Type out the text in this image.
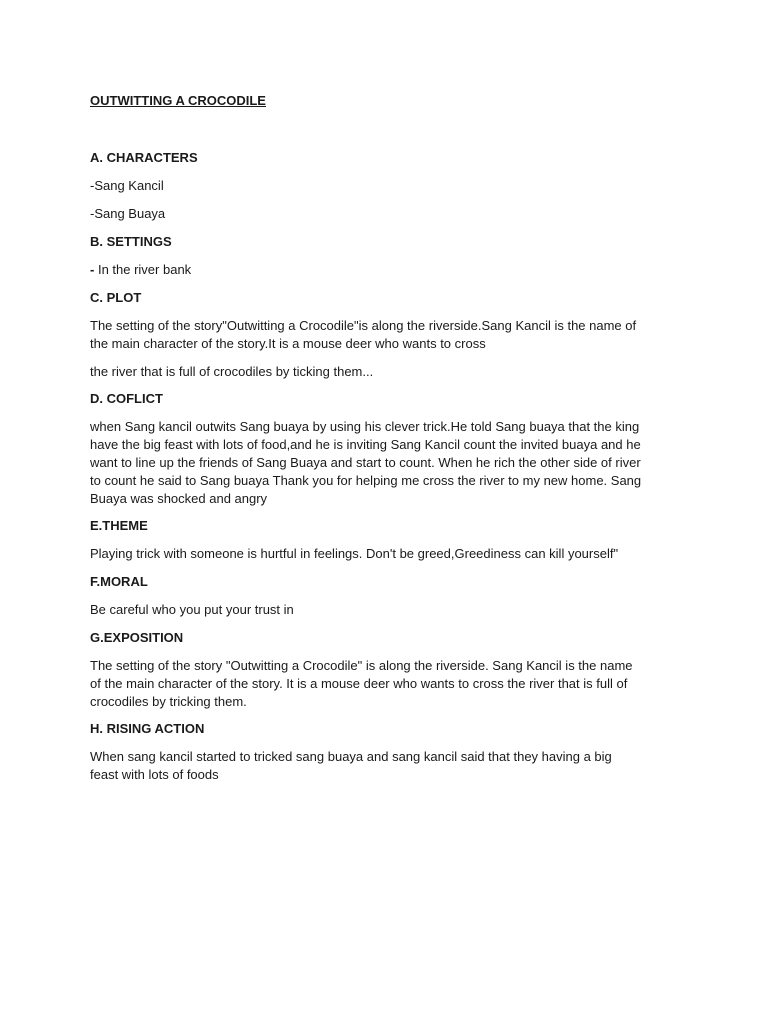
OUTWITTING A CROCODILE
A. CHARACTERS
-Sang Kancil
-Sang Buaya
B. SETTINGS
- In the river bank
C. PLOT
The setting of the story"Outwitting a Crocodile"is along the riverside.Sang Kancil is the name of
the main character of the story.It is a mouse deer who wants to cross
the river that is full of crocodiles by ticking them...
D. COFLICT
when Sang kancil outwits Sang buaya by using his clever trick.He told Sang buaya that the king
have the big feast with lots of food,and he is inviting Sang Kancil count the invited buaya and he
want to line up the friends of Sang Buaya and start to count. When he rich the other side of river
to count he said to Sang buaya Thank you for helping me cross the river to my new home. Sang
Buaya was shocked and angry
E.THEME
Playing trick with someone is hurtful in feelings. Don't be greed,Greediness can kill yourself"
F.MORAL
Be careful who you put your trust in
G.EXPOSITION
The setting of the story "Outwitting a Crocodile" is along the riverside. Sang Kancil is the name
of the main character of the story. It is a mouse deer who wants to cross the river that is full of
crocodiles by tricking them.
H. RISING ACTION
When sang kancil started to tricked sang buaya and sang kancil said that they having a big
feast with lots of foods
